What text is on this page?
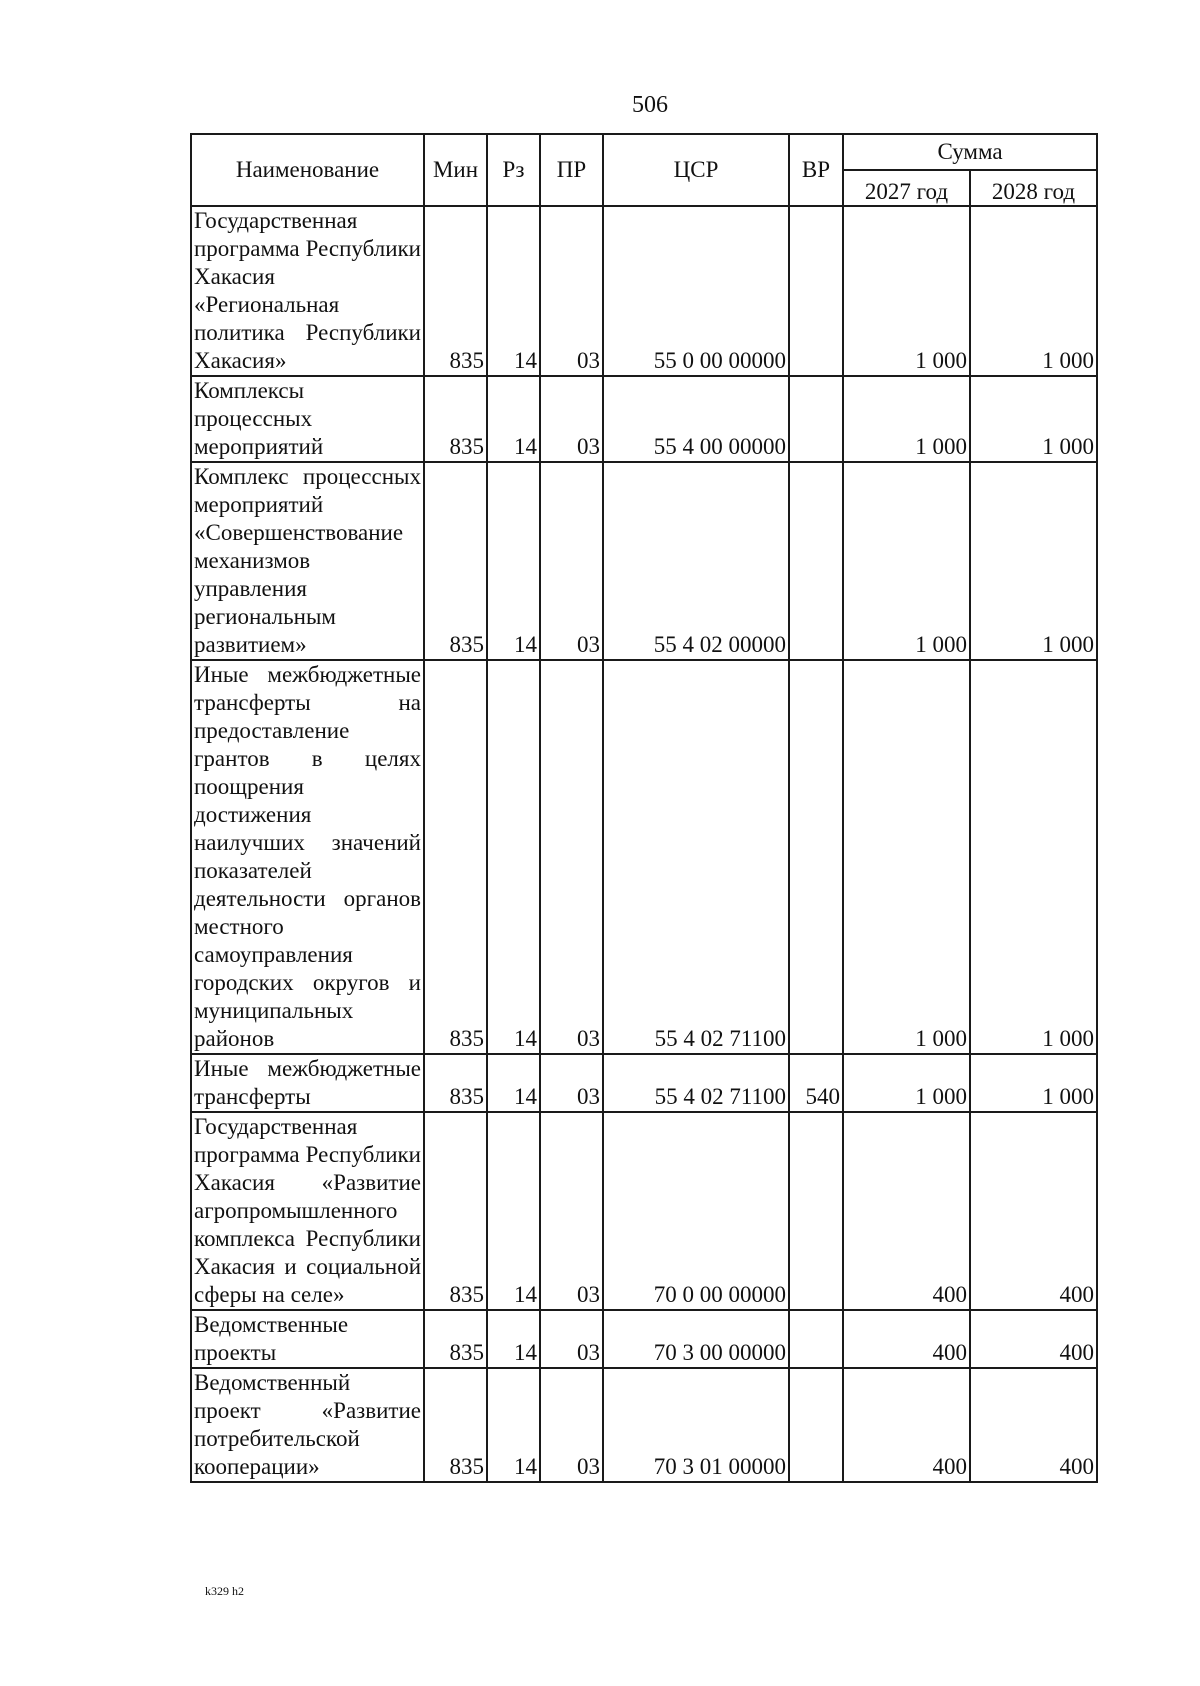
506
Наименование	Мин	Рз	ПР	ЦСР	ВР	Сумма	
						2027 год	2028 год
Государственная программа Республики Хакасия «Региональная политика Республики Хакасия»	835	14	03	55 0 00 00000		1 000	1 000
Комплексы процессных мероприятий	835	14	03	55 4 00 00000		1 000	1 000
Комплекс процессных мероприятий «Совершенствование механизмов управления региональным развитием»	835	14	03	55 4 02 00000		1 000	1 000
Иные межбюджетные трансферты на предоставление грантов в целях поощрения достижения наилучших значений показателей деятельности органов местного самоуправления городских округов и муниципальных районов	835	14	03	55 4 02 71100		1 000	1 000
Иные межбюджетные трансферты	835	14	03	55 4 02 71100	540	1 000	1 000
Государственная программа Республики Хакасия «Развитие агропромышленного комплекса Республики Хакасия и социальной сферы на селе»	835	14	03	70 0 00 00000		400	400
Ведомственные проекты	835	14	03	70 3 00 00000		400	400
Ведомственный проект «Развитие потребительской кооперации»	835	14	03	70 3 01 00000		400	400
k329 h2
